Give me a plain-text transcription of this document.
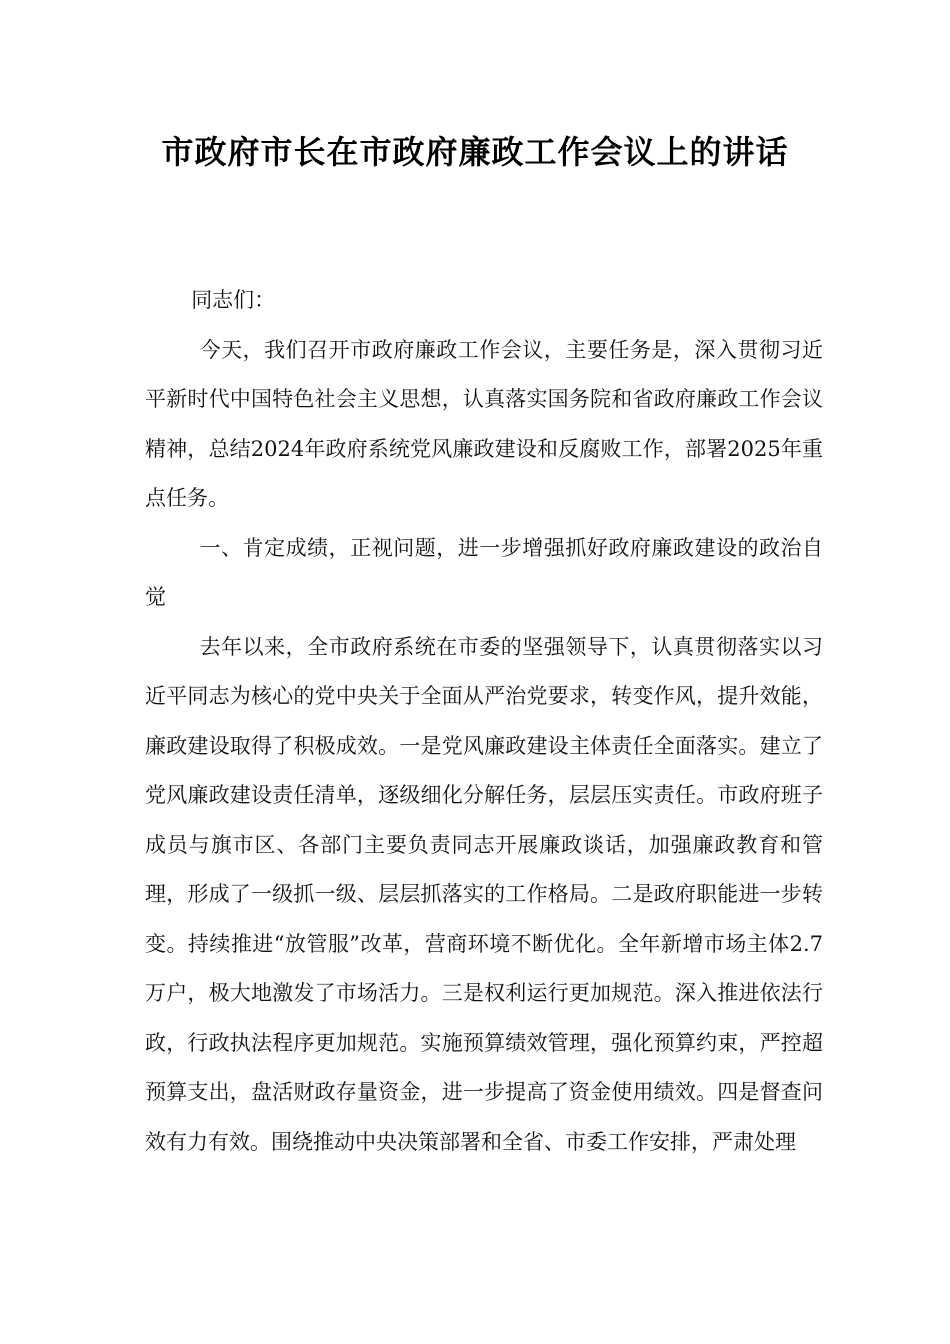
市政府市长在市政府廉政工作会议上的讲话

同志们：

今天，我们召开市政府廉政工作会议，主要任务是，深入贯彻习近平新时代中国特色社会主义思想，认真落实国务院和省政府廉政工作会议精神，总结2024年政府系统党风廉政建设和反腐败工作，部署2025年重点任务。

一、肯定成绩，正视问题，进一步增强抓好政府廉政建设的政治自觉

去年以来，全市政府系统在市委的坚强领导下，认真贯彻落实以习近平同志为核心的党中央关于全面从严治党要求，转变作风，提升效能，廉政建设取得了积极成效。一是党风廉政建设主体责任全面落实。建立了党风廉政建设责任清单，逐级细化分解任务，层层压实责任。市政府班子成员与旗市区、各部门主要负责同志开展廉政谈话，加强廉政教育和管理，形成了一级抓一级、层层抓落实的工作格局。二是政府职能进一步转变。持续推进“放管服”改革，营商环境不断优化。全年新增市场主体2.7万户，极大地激发了市场活力。三是权利运行更加规范。深入推进依法行政，行政执法程序更加规范。实施预算绩效管理，强化预算约束，严控超预算支出，盘活财政存量资金，进一步提高了资金使用绩效。四是督查问效有力有效。围绕推动中央决策部署和全省、市委工作安排，严肃处理
